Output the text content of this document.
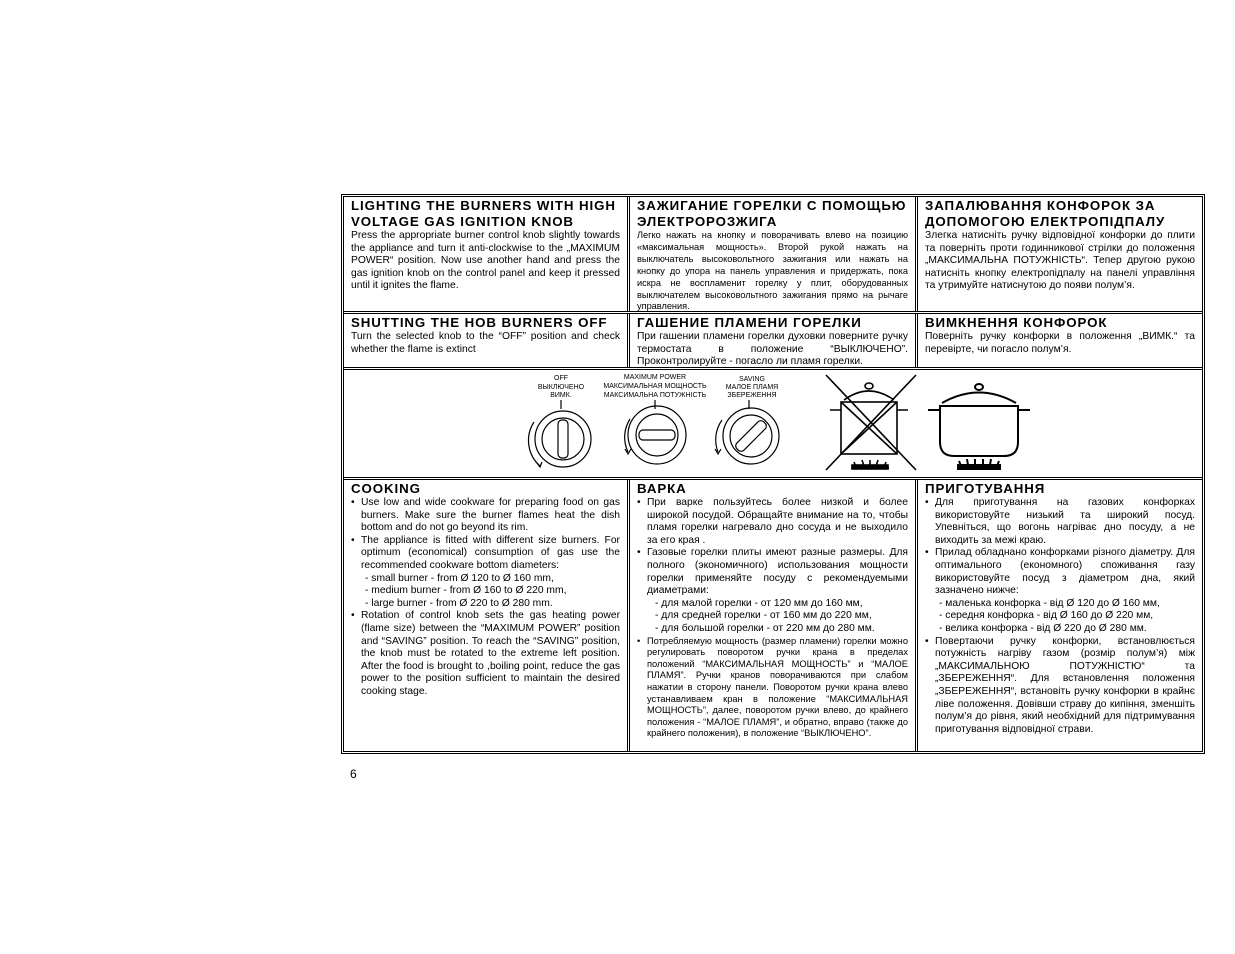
LIGHTING THE BURNERS WITH HIGH VOLTAGE GAS IGNITION KNOB

Press the appropriate burner control knob slightly towards the appliance and turn it anti-clockwise to the „MAXIMUM POWER“ position. Now use another hand and press the gas ignition knob on the control panel and keep it pressed until it ignites the flame.

ЗАЖИГАНИЕ ГОРЕЛКИ С ПОМОЩЬЮ ЭЛЕКТРОРОЗЖИГА

Легко нажать на кнопку и поворачивать влево на позицию «максимальная мощность». Второй рукой нажать на выключатель высоковольтного зажигания или нажать на кнопку до упора на панель управления и придержать, пока искра не воспламенит горелку у плит, оборудованных выключателем высоковольтного зажигания прямо на рычаге управления.

ЗАПАЛЮВАННЯ КОНФОРОК ЗА ДОПОМОГОЮ ЕЛЕКТРОПІДПАЛУ

Злегка натисніть ручку відповідної конфорки до плити та поверніть проти годинникової стрілки до положення „МАКСИМАЛЬНА ПОТУЖНІСТЬ“. Тепер другою рукою натисніть кнопку електропідпалу на панелі управління та утримуйте натиснутою до появи полум’я.

SHUTTING THE HOB BURNERS OFF

Turn the selected knob to the “OFF” position and check whether the flame is extinct

ГАШЕНИЕ ПЛАМЕНИ ГОРЕЛКИ

При гашении пламени горелки духовки поверните ручку термостата в положение “ВЫКЛЮЧЕНО”. Проконтролируйте - погасло ли пламя горелки.

ВИМКНЕННЯ КОНФОРОК

Поверніть ручку конфорки в положення „ВИМК.“ та перевірте, чи погасло полум’я.

OFF
ВЫКЛЮЧЕНО
ВИМК.
MAXIMUM POWER
МАКСИМАЛЬНАЯ МОЩНОСТЬ
МАКСИМАЛЬНА ПОТУЖНІСТЬ
SAVING
МАЛОЕ ПЛАМЯ
ЗБЕРЕЖЕННЯ
COOKING
• Use low and wide cookware for preparing food on gas burners. Make sure the burner flames heat the dish bottom and do not go beyond its rim.
• The appliance is fitted with different size burners. For optimum (economical) consumption of gas use the recommended cookware bottom diameters:
- small burner - from Ø 120 to Ø 160 mm,
- medium burner - from Ø 160 to Ø 220 mm,
- large burner - from Ø 220 to Ø 280 mm.
• Rotation of control knob sets the gas heating power (flame size) between the “MAXIMUM POWER” position and “SAVING” position. To reach the “SAVING” position, the knob must be rotated to the extreme left position. After the food is brought to ,boiling point, reduce the gas power to the position sufficient to maintain the desired cooking stage.
ВАРКА
• При варке пользуйтесь более низкой и более широкой посудой. Обращайте внимание на то, чтобы пламя горелки нагревало дно сосуда и не выходило за его края .
• Газовые горелки плиты имеют разные размеры. Для полного (экономичного) использования мощности горелки применяйте посуду с рекомендуемыми диаметрами:
- для малой горелки - от 120 мм до 160 мм,
- для средней горелки - от 160 мм до 220 мм,
- для большой горелки - от 220 мм до 280 мм.
• Потребляемую мощность (размер пламени) горелки можно регулировать поворотом ручки крана в пределах положений “МАКСИМАЛЬНАЯ МОЩНОСТЬ” и “МАЛОЕ ПЛАМЯ”. Ручки кранов поворачиваются при слабом нажатии в сторону панели. Поворотом ручки крана влево устанавливаем кран в положение “МАКСИМАЛЬНАЯ МОЩНОСТЬ”, далее, поворотом ручки влево, до крайнего положения - “МАЛОЕ ПЛАМЯ”, и обратно, вправо (также до крайнего положения), в положение “ВЫКЛЮЧЕНО”.
ПРИГОТУВАННЯ
• Для приготування на газових конфорках використовуйте низький та широкий посуд. Упевніться, що вогонь нагріває дно посуду, а не виходить за межі краю.
• Прилад обладнано конфорками різного діаметру. Для оптимального (економного) споживання газу використовуйте посуд з діаметром дна, який зазначено нижче:
- маленька конфорка - від Ø 120 до Ø 160 мм,
- середня конфорка - від Ø 160 до Ø 220 мм,
- велика конфорка - від Ø 220 до Ø 280 мм.
• Повертаючи ручку конфорки, встановлюється потужність нагріву газом (розмір полум’я) між „МАКСИМАЛЬНОЮ ПОТУЖНІСТЮ“ та „ЗБЕРЕЖЕННЯ“. Для встановлення положення „ЗБЕРЕЖЕННЯ“, встановіть ручку конфорки в крайнє ліве положення. Довівши страву до кипіння, зменшіть полум’я до рівня, який необхідний для підтримування приготування відповідної страви.
6
